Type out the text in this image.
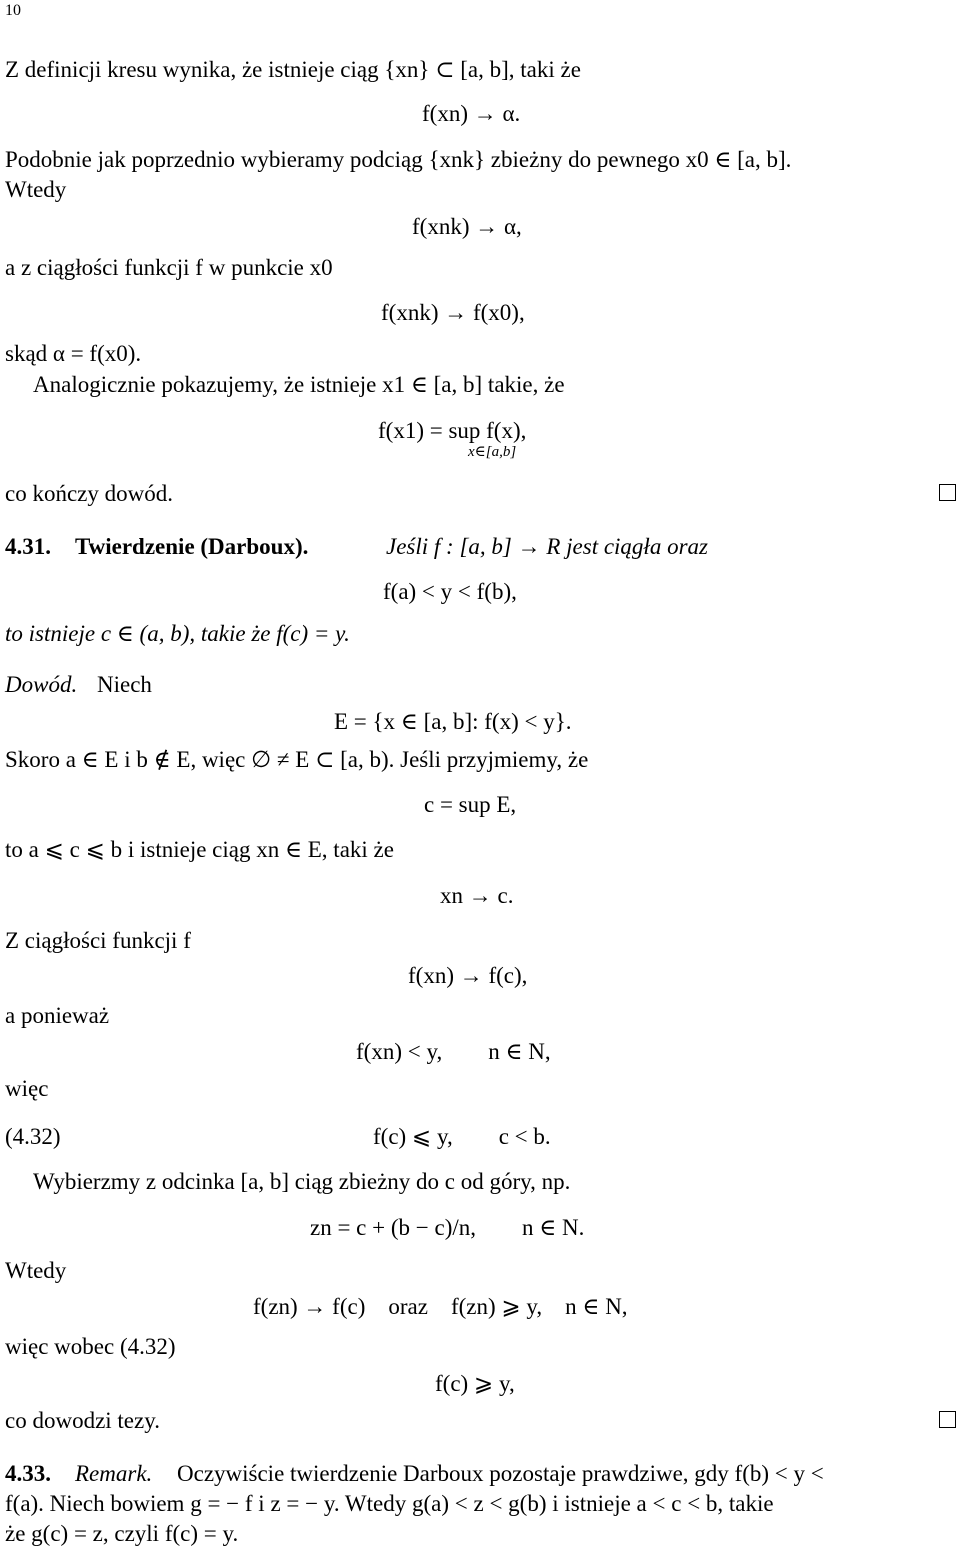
10
Z definicji kresu wynika, że istnieje ciąg {xn} ⊂ [a, b], taki że
f(xn) → α.
Podobnie jak poprzednio wybieramy podciąg {xnk} zbieżny do pewnego x0 ∈ [a, b].
Wtedy
f(xnk) → α,
a z ciągłości funkcji f w punkcie x0
f(xnk) → f(x0),
skąd α = f(x0).
Analogicznie pokazujemy, że istnieje x1 ∈ [a, b] takie, że
f(x1) = sup f(x),
x∈[a,b]
co kończy dowód.
4.31. Twierdzenie (Darboux).	Jeśli f : [a, b] → R jest ciągła oraz
f(a) < y < f(b),
to istnieje c ∈ (a, b), takie że f(c) = y.
Dowód. Niech
E = {x ∈ [a, b]: f(x) < y}.
Skoro a ∈ E i b ∉ E, więc ∅ ≠ E ⊂ [a, b). Jeśli przyjmiemy, że
c = sup E,
to a ⩽ c ⩽ b i istnieje ciąg xn ∈ E, taki że
xn → c.
Z ciągłości funkcji f
f(xn) → f(c),
a ponieważ
f(xn) < y,        n ∈ N,
więc
(4.32)	f(c) ⩽ y,        c < b.
Wybierzmy z odcinka [a, b] ciąg zbieżny do c od góry, np.
zn = c + (b − c)/n,        n ∈ N.
Wtedy
f(zn) → f(c)    oraz    f(zn) ⩾ y,    n ∈ N,
więc wobec (4.32)
f(c) ⩾ y,
co dowodzi tezy.
4.33. Remark. Oczywiście twierdzenie Darboux pozostaje prawdziwe, gdy f(b) < y <
f(a). Niech bowiem g = − f i z = − y. Wtedy g(a) < z < g(b) i istnieje a < c < b, takie
że g(c) = z, czyli f(c) = y.
